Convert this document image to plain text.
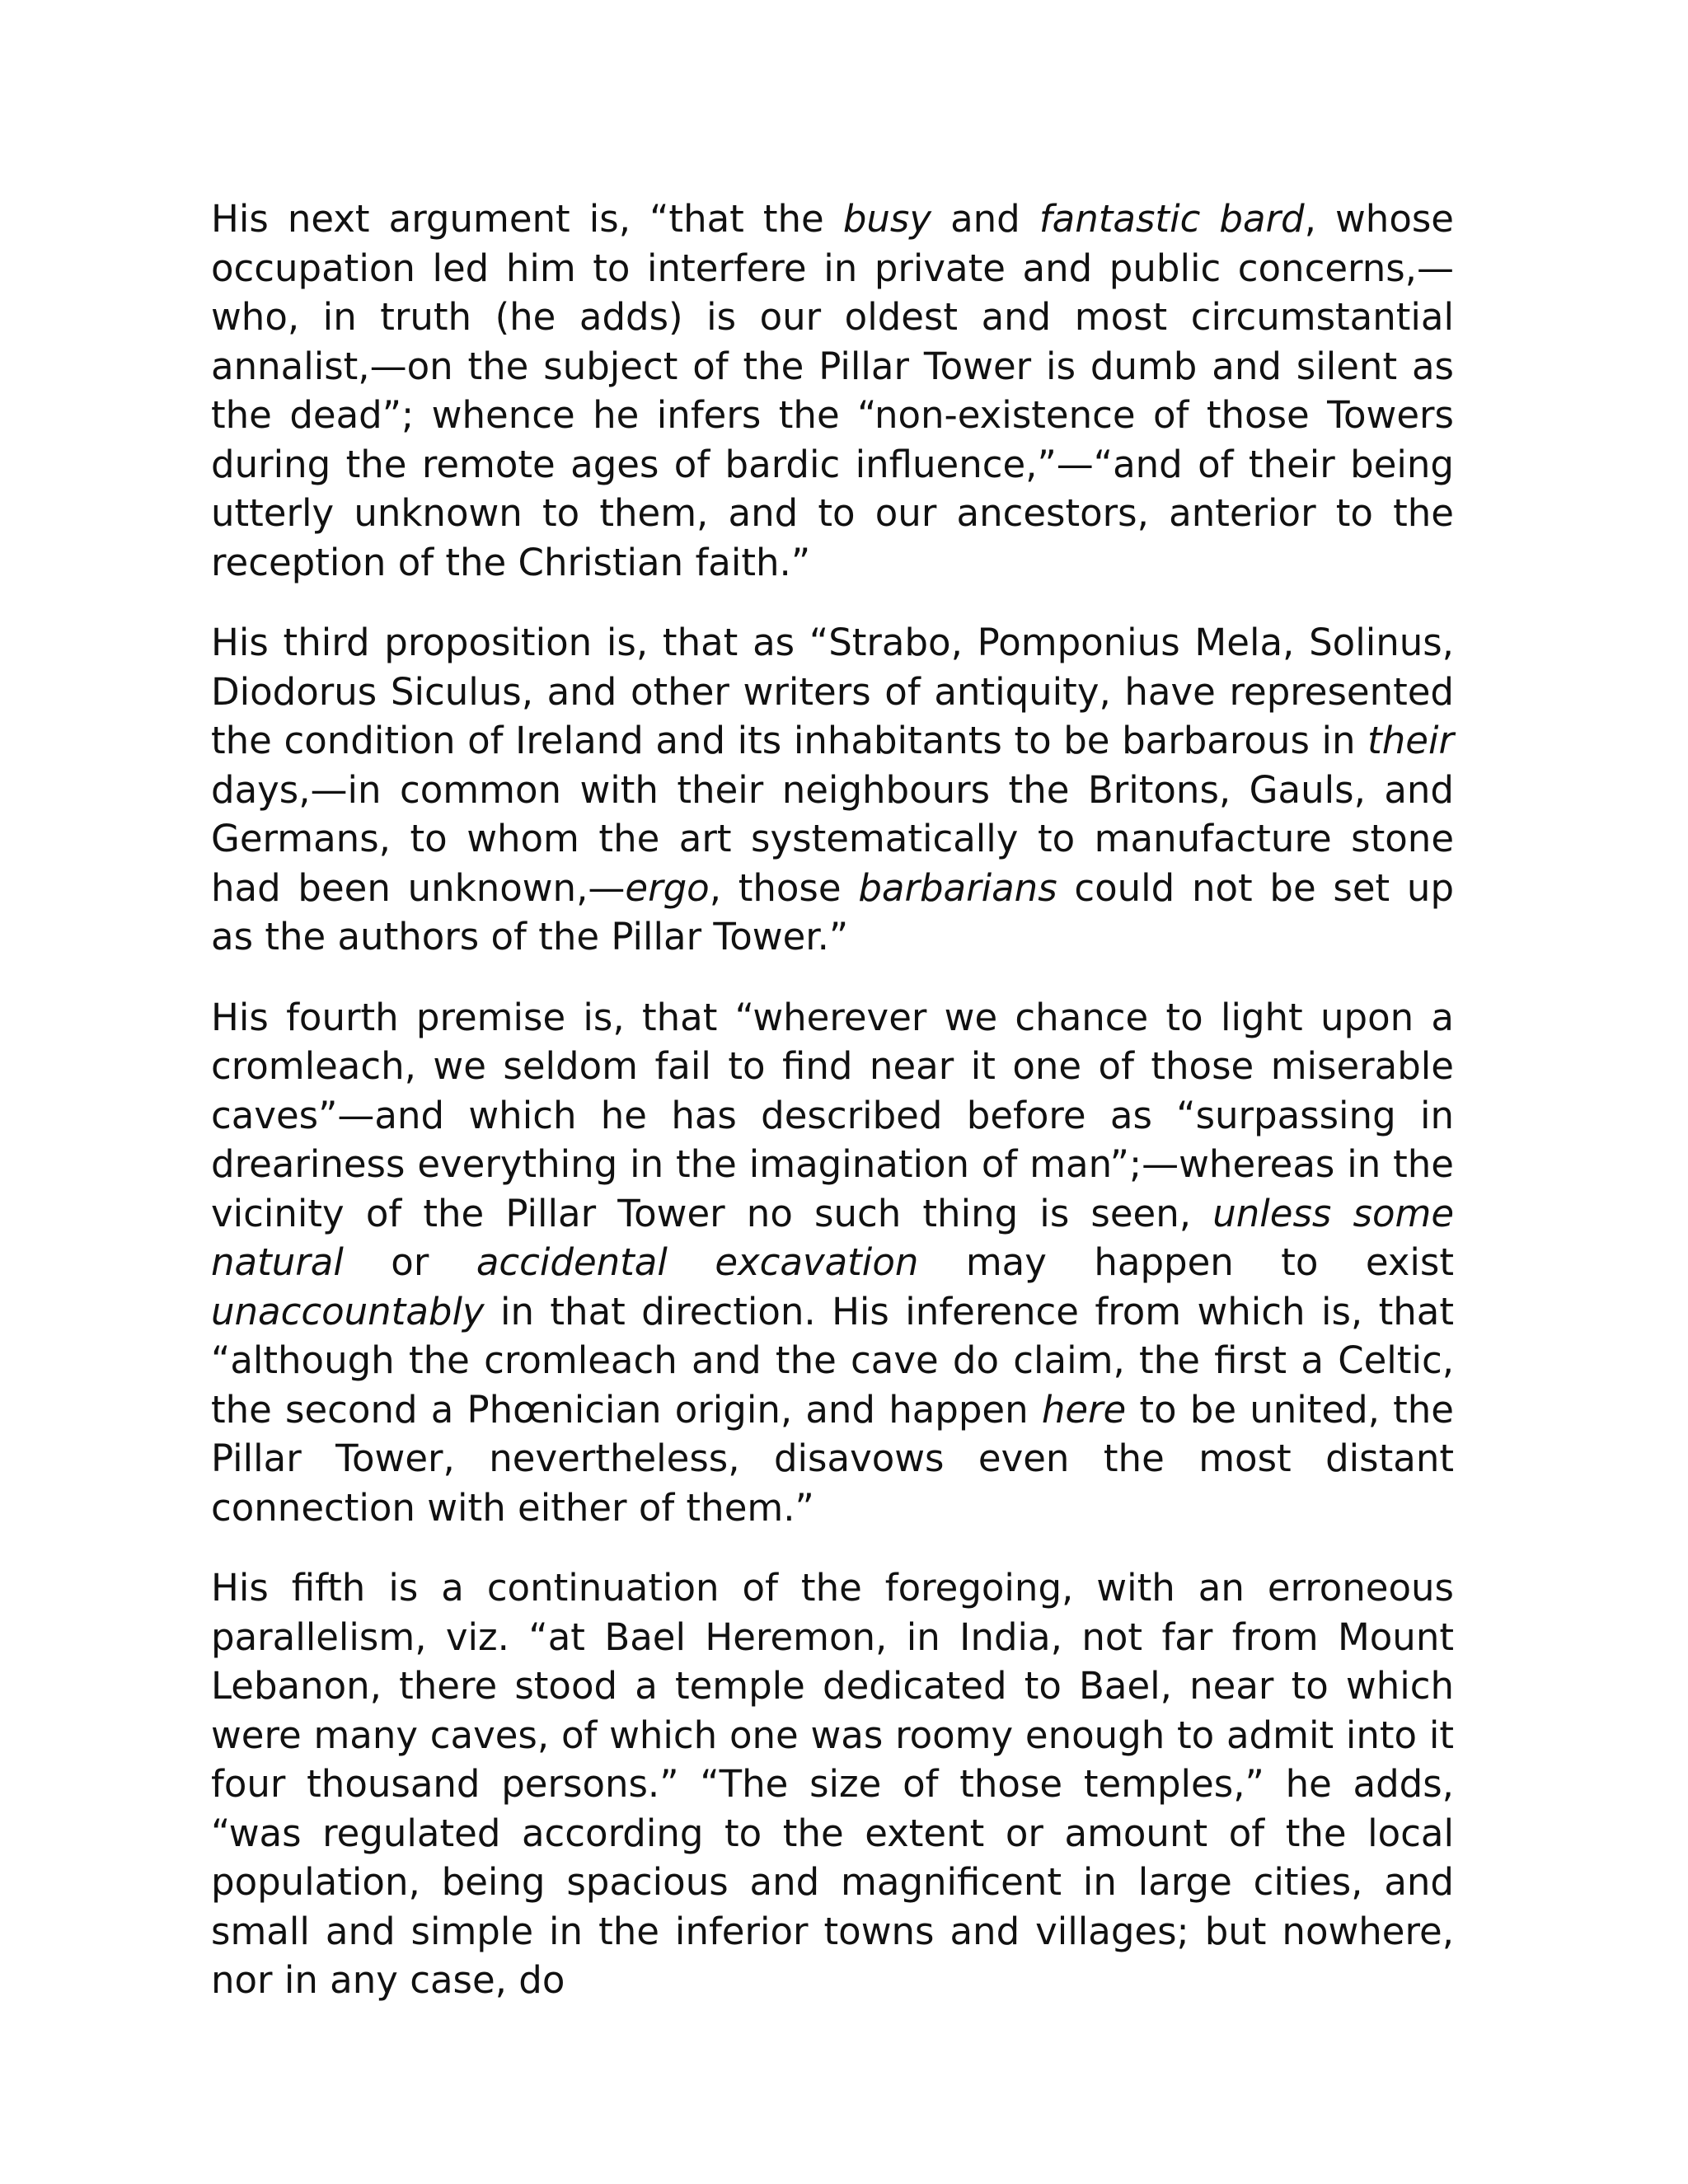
His next argument is, “that the busy and fantastic bard, whose occupation led him to interfere in private and public concerns,—who, in truth (he adds) is our oldest and most circumstantial annalist,—on the subject of the Pillar Tower is dumb and silent as the dead”; whence he infers the “non-existence of those Towers during the remote ages of bardic influence,”—“and of their being utterly unknown to them, and to our ancestors, anterior to the reception of the Christian faith.”

His third proposition is, that as “Strabo, Pomponius Mela, Solinus, Diodorus Siculus, and other writers of antiquity, have represented the condition of Ireland and its inhabitants to be barbarous in their days,—in common with their neighbours the Britons, Gauls, and Germans, to whom the art systematically to manufacture stone had been unknown,—ergo, those barbarians could not be set up as the authors of the Pillar Tower.”

His fourth premise is, that “wherever we chance to light upon a cromleach, we seldom fail to find near it one of those miserable caves”—and which he has described before as “surpassing in dreariness everything in the imagination of man”;—whereas in the vicinity of the Pillar Tower no such thing is seen, unless some natural or accidental excavation may happen to exist unaccountably in that direction. His inference from which is, that “although the cromleach and the cave do claim, the first a Celtic, the second a Phœnician origin, and happen here to be united, the Pillar Tower, nevertheless, disavows even the most distant connection with either of them.”

His fifth is a continuation of the foregoing, with an erroneous parallelism, viz. “at Bael Heremon, in India, not far from Mount Lebanon, there stood a temple dedicated to Bael, near to which were many caves, of which one was roomy enough to admit into it four thousand persons.” “The size of those temples,” he adds, “was regulated according to the extent or amount of the local population, being spacious and magnificent in large cities, and small and simple in the inferior towns and villages; but nowhere, nor in any case, do
